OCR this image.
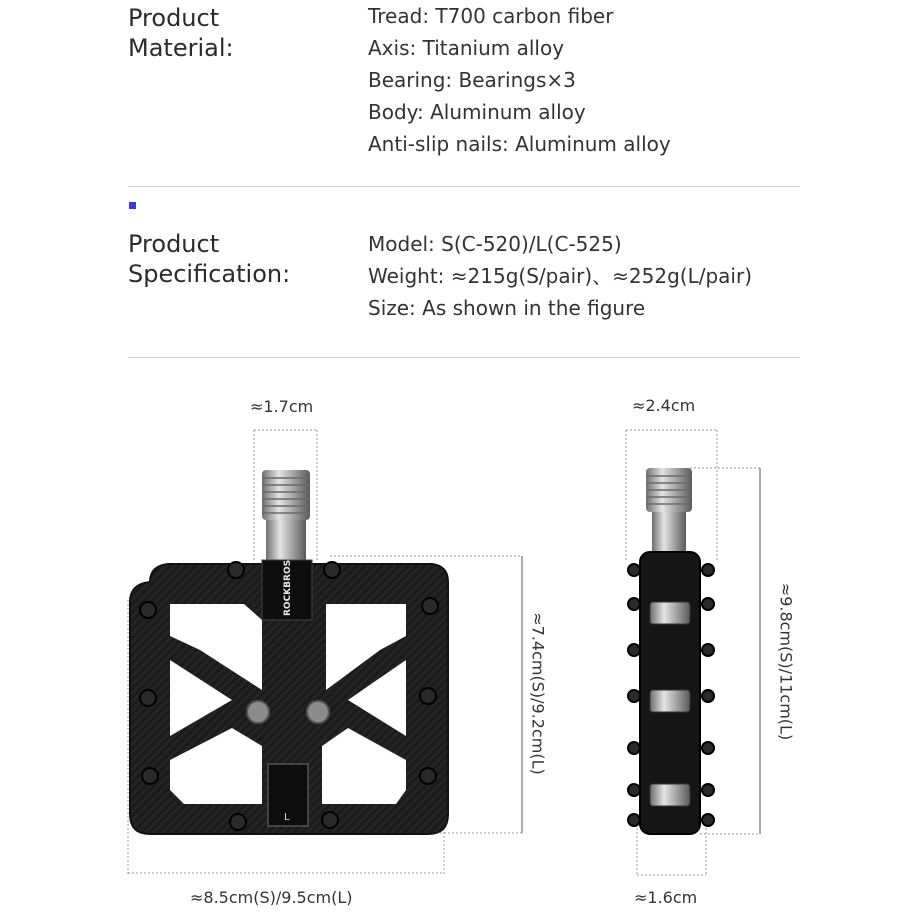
Product
Material:
Tread: T700 carbon fiber
Axis: Titanium alloy
Bearing: Bearings×3
Body: Aluminum alloy
Anti-slip nails: Aluminum alloy
Product
Specification:
Model: S(C-520)/L(C-525)
Weight: ≈215g(S/pair)、≈252g(L/pair)
Size: As shown in the figure
ROCKBROS
L
≈1.7cm	≈2.4cm
≈7.4cm(S)/9.2cm(L)	≈9.8cm(S)/11cm(L)
≈8.5cm(S)/9.5cm(L)	≈1.6cm
